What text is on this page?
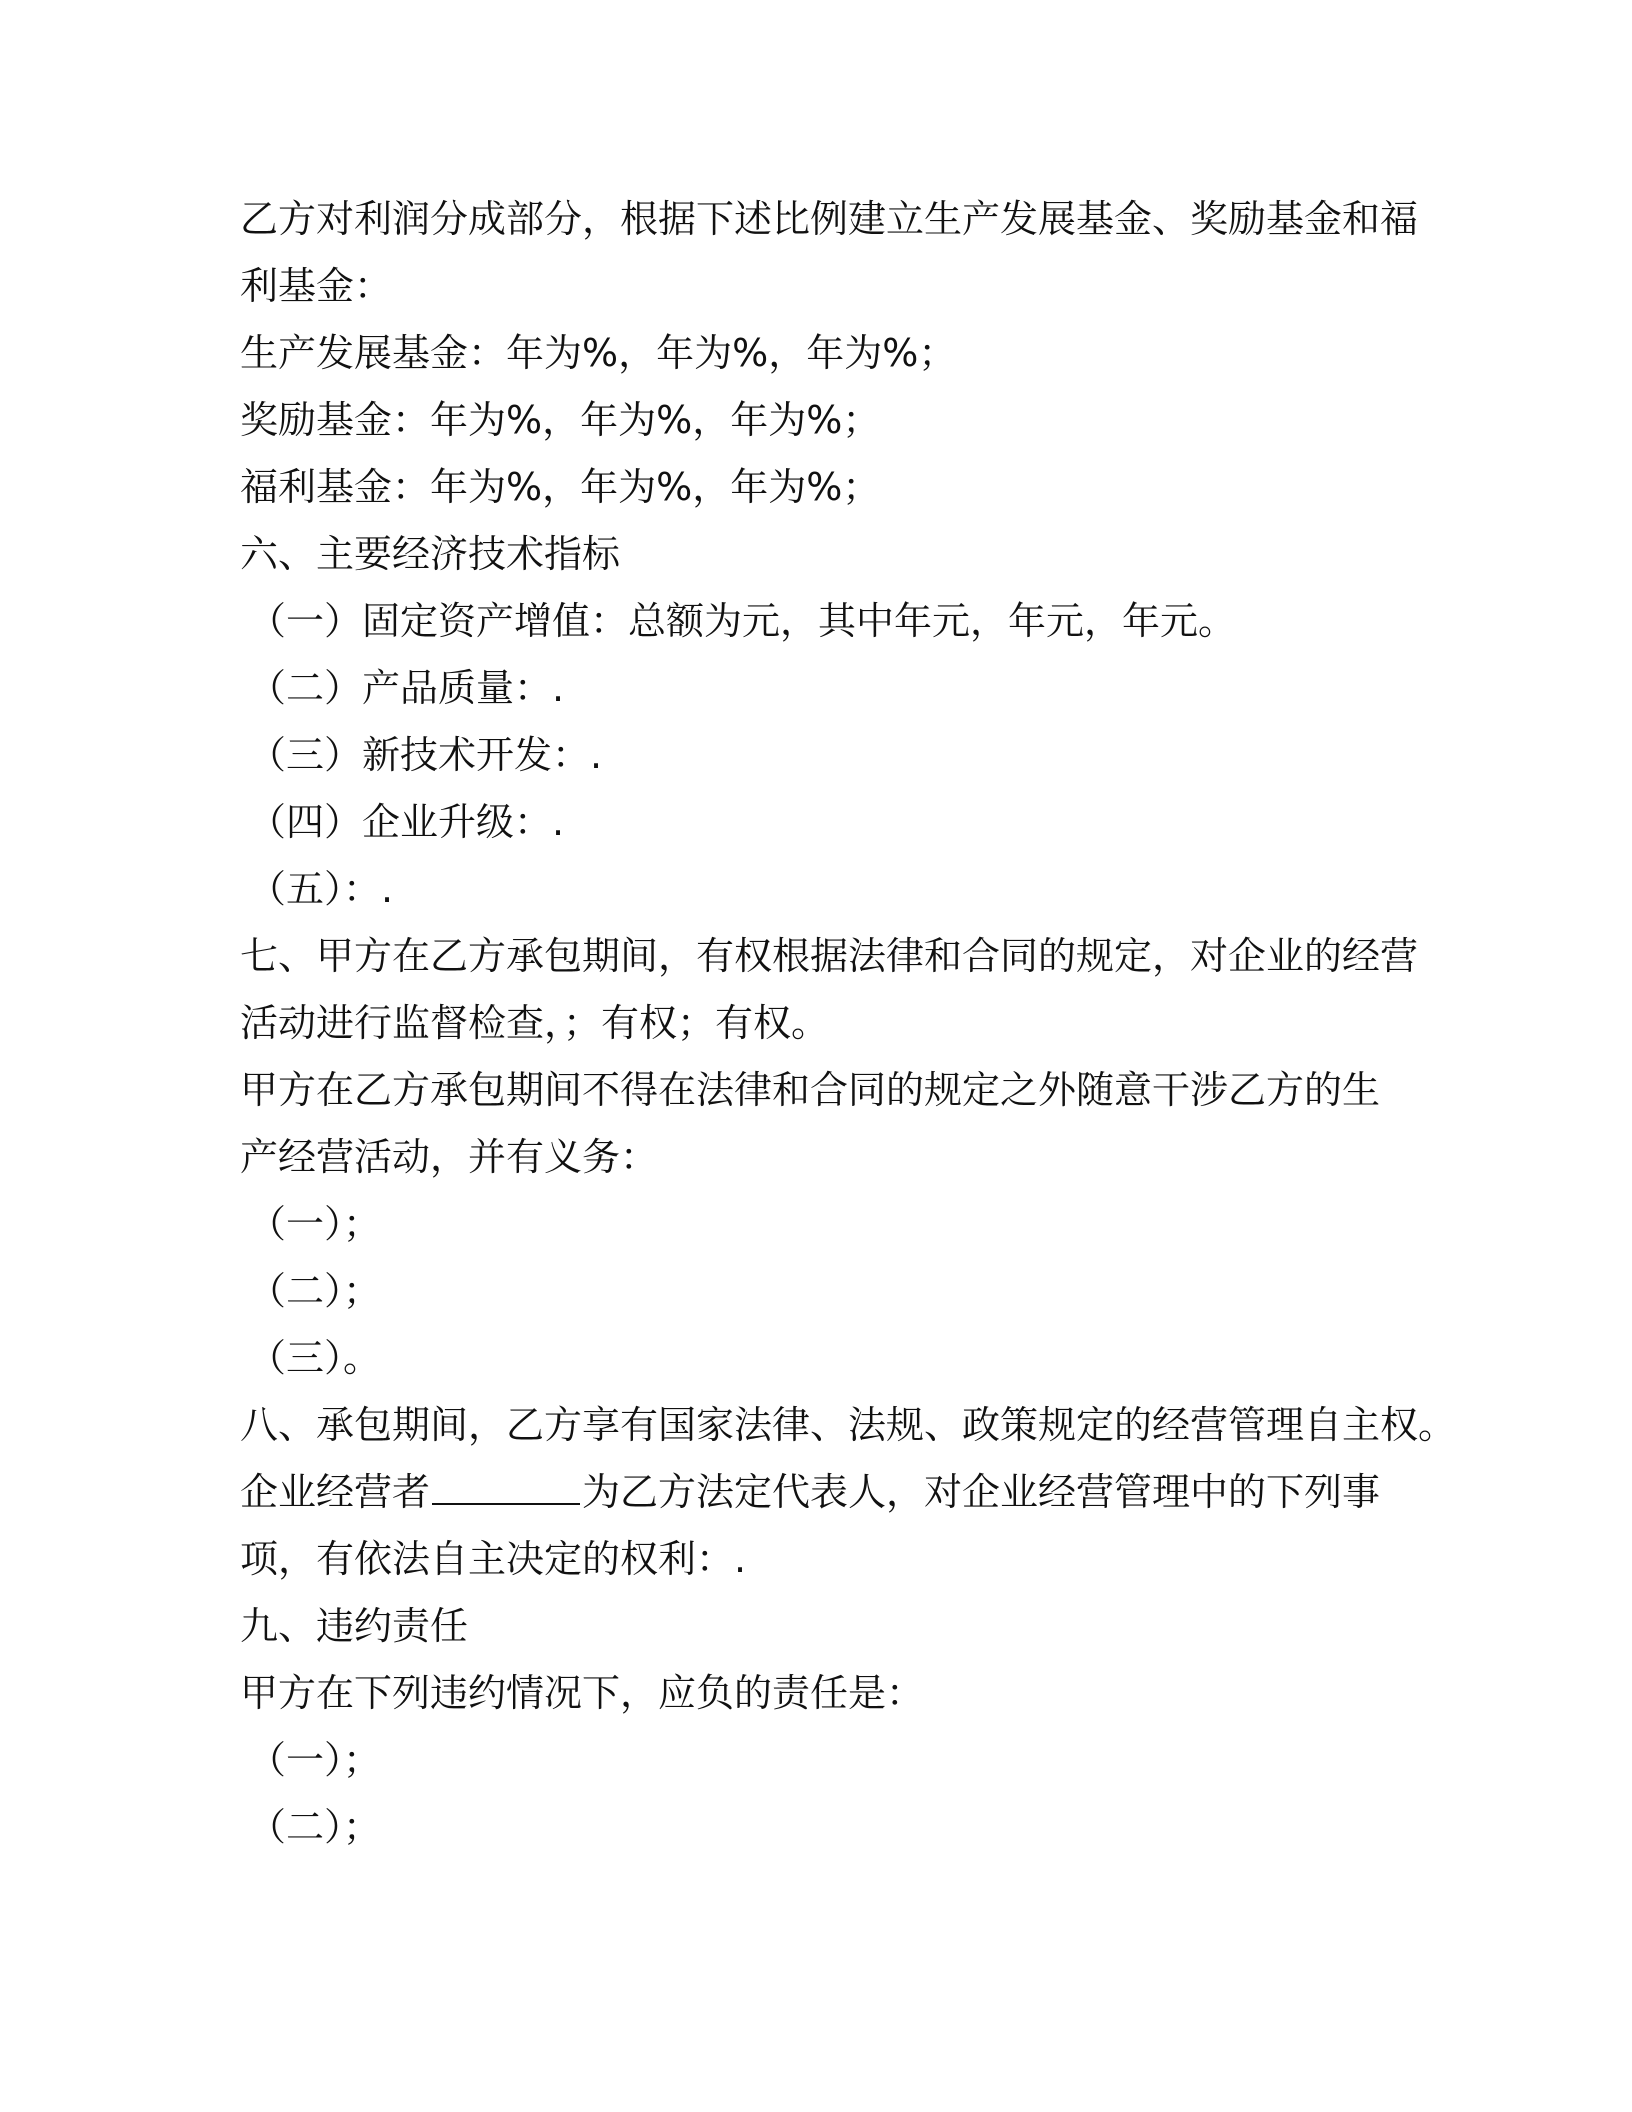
乙方对利润分成部分，根据下述比例建立生产发展基金、奖励基金和福
利基金：
生产发展基金：年为%，年为%，年为%；
奖励基金：年为%，年为%，年为%；
福利基金：年为%，年为%，年为%；
六、主要经济技术指标
（一）固定资产增值：总额为元，其中年元，年元，年元。
（二）产品质量：.
（三）新技术开发：.
（四）企业升级：.
（五）：.
七、甲方在乙方承包期间，有权根据法律和合同的规定，对企业的经营
活动进行监督检查，；有权；有权。
甲方在乙方承包期间不得在法律和合同的规定之外随意干涉乙方的生
产经营活动，并有义务：
（一）；
（二）；
（三）。
八、承包期间，乙方享有国家法律、法规、政策规定的经营管理自主权。
企业经营者	为乙方法定代表人，对企业经营管理中的下列事
项，有依法自主决定的权利：.
九、违约责任
甲方在下列违约情况下，应负的责任是：
（一）；
（二）；
